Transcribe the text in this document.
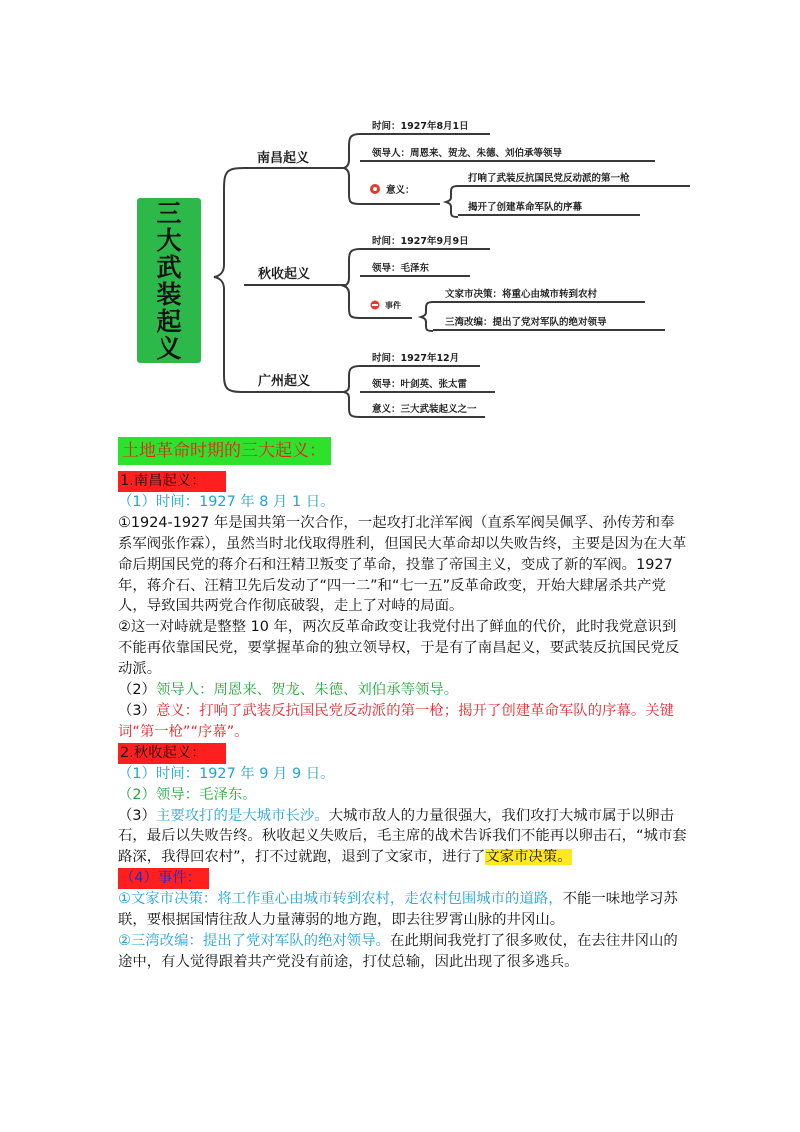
三
大
武
装
起
义
南昌起义
秋收起义
广州起义
时间：1927年8月1日
领导人：周恩来、贺龙、朱德、刘伯承等领导
意义：
打响了武装反抗国民党反动派的第一枪
揭开了创建革命军队的序幕
时间：1927年9月9日
领导：毛泽东
事件
文家市决策：将重心由城市转到农村
三湾改编：提出了党对军队的绝对领导
时间：1927年12月
领导：叶剑英、张太雷
意义：三大武装起义之一
土地革命时期的三大起义：

1.南昌起义：

（1）时间：1927 年 8 月 1 日。

①1924-1927 年是国共第一次合作，一起攻打北洋军阀（直系军阀吴佩孚、孙传芳和奉系军阀张作霖），虽然当时北伐取得胜利，但国民大革命却以失败告终，主要是因为在大革命后期国民党的蒋介石和汪精卫叛变了革命，投靠了帝国主义，变成了新的军阀。1927 年，蒋介石、汪精卫先后发动了“四一二”和“七一五”反革命政变，开始大肆屠杀共产党人，导致国共两党合作彻底破裂，走上了对峙的局面。

②这一对峙就是整整 10 年，两次反革命政变让我党付出了鲜血的代价，此时我党意识到不能再依靠国民党，要掌握革命的独立领导权，于是有了南昌起义，要武装反抗国民党反动派。

（2）领导人：周恩来、贺龙、朱德、刘伯承等领导。

（3）意义：打响了武装反抗国民党反动派的第一枪；揭开了创建革命军队的序幕。关键词“第一枪”“序幕”。

2.秋收起义：

（1）时间：1927 年 9 月 9 日。

（2）领导：毛泽东。

（3）主要攻打的是大城市长沙。大城市敌人的力量很强大，我们攻打大城市属于以卵击石，最后以失败告终。秋收起义失败后，毛主席的战术告诉我们不能再以卵击石，“城市套路深，我得回农村”，打不过就跑，退到了文家市，进行了文家市决策。

（4）事件：

①文家市决策：将工作重心由城市转到农村，走农村包围城市的道路，不能一味地学习苏联，要根据国情往敌人力量薄弱的地方跑，即去往罗霄山脉的井冈山。

②三湾改编：提出了党对军队的绝对领导。在此期间我党打了很多败仗，在去往井冈山的途中，有人觉得跟着共产党没有前途，打仗总输，因此出现了很多逃兵。
